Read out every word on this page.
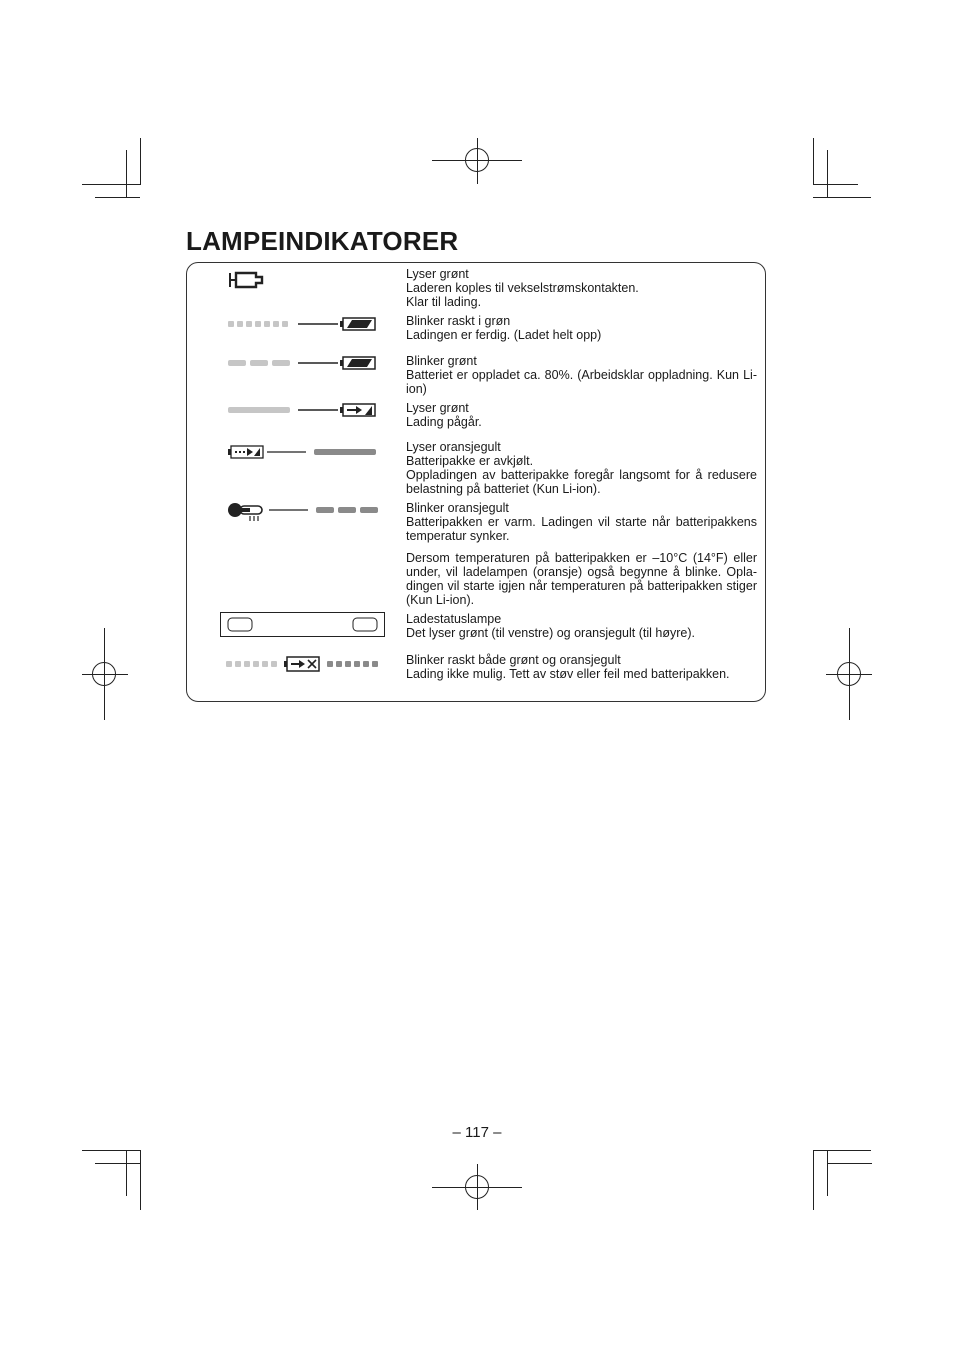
LAMPEINDIKATORER
Lyser grønt
Laderen koples til vekselstrømskontakten.
Klar til lading.
Blinker raskt i grøn
Ladingen er ferdig. (Ladet helt opp)
Blinker grønt
Batteriet er oppladet ca. 80%. (Arbeidsklar oppladning. Kun Li-ion)
Lyser grønt
Lading pågår.
Lyser oransjegult
Batteripakke er avkjølt.
Oppladingen av batteripakke foregår langsomt for å redusere belastning på batteriet (Kun Li-ion).
Blinker oransjegult
Batteripakken er varm. Ladingen vil starte når batteripakkens temperatur synker.
Dersom temperaturen på batteripakken er –10°C (14°F) eller under, vil ladelampen (oransje) også begynne å blinke. Opla- dingen vil starte igjen når temperaturen på batteripakken stiger (Kun Li-ion).
Ladestatuslampe
Det lyser grønt (til venstre) og oransjegult (til høyre).
Blinker raskt både grønt og oransjegult
Lading ikke mulig. Tett av støv eller feil med batteripakken.
– 117 –
